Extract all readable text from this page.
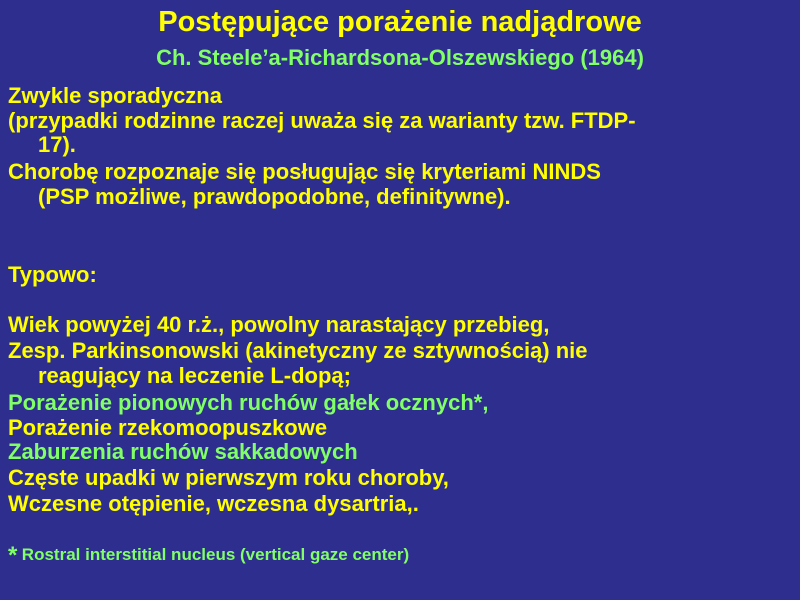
Postępujące porażenie nadjądrowe
Ch. Steele’a-Richardsona-Olszewskiego (1964)

Zwykle sporadyczna

(przypadki rodzinne raczej uważa się za warianty tzw. FTDP-

17).

Chorobę rozpoznaje się posługując się kryteriami NINDS

(PSP możliwe, prawdopodobne, definitywne).

Typowo:

Wiek powyżej 40 r.ż., powolny narastający przebieg,

Zesp. Parkinsonowski (akinetyczny ze sztywnością) nie

reagujący na leczenie L-dopą;

Porażenie pionowych ruchów gałek ocznych*,

Porażenie rzekomoopuszkowe

Zaburzenia ruchów sakkadowych

Częste upadki w pierwszym roku choroby,

Wczesne otępienie, wczesna dysartria,.

* Rostral interstitial nucleus (vertical gaze center)
